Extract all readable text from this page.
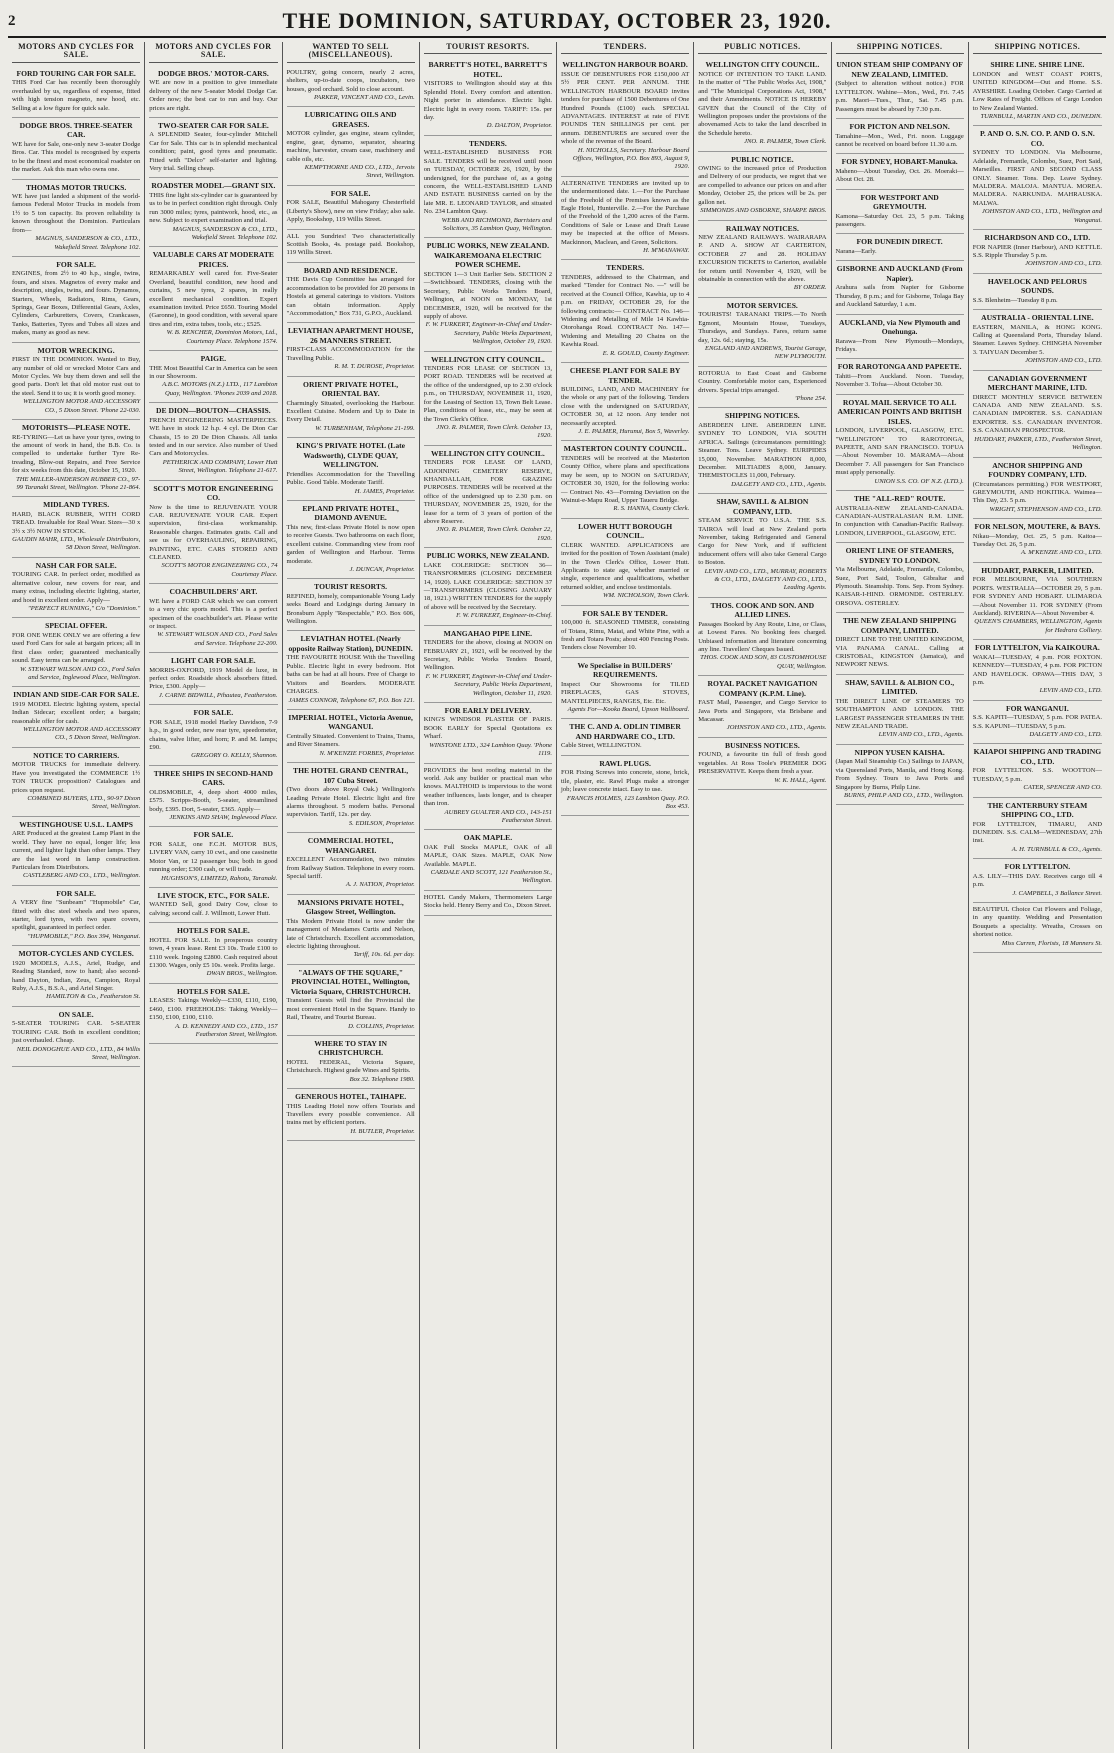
2	THE DOMINION, SATURDAY, OCTOBER 23, 1920.
MOTORS AND CYCLES FOR SALE.
FORD TOURING CAR FOR SALE.
THIS Ford Car has recently been thoroughly overhauled by us, regardless of expense, fitted with high tension magneto, new hood, etc. Selling at a low figure for quick sale.
DODGE BROS. THREE-SEATER CAR.
WE have for Sale, one-only new 3-seater Dodge Bros. Car. This model is recognised by experts to be the finest and most economical roadster on the market. Ask this man who owns one.
THOMAS MOTOR TRUCKS.
WE have just landed a shipment of the world-famous Federal Motor Trucks in models from 1½ to 5 ton capacity. Its proven reliability is known throughout the Dominion. Particulars from—
MAGNUS, SANDERSON & CO., LTD., Wakefield Street. Telephone 102.
FOR SALE.
ENGINES, from 2½ to 40 h.p., single, twins, fours, and sixes. Magnetos of every make and description, singles, twins, and fours. Dynamos, Starters, Wheels, Radiators, Rims, Gears, Springs, Gear Boxes, Differential Gears, Axles, Cylinders, Carburetters, Covers, Crankcases, Tanks, Batteries, Tyres and Tubes all sizes and makes, many as good as new.
MOTOR WRECKING.
FIRST IN THE DOMINION. Wanted to Buy, any number of old or wrecked Motor Cars and Motor Cycles. We buy them down and sell the good parts. Don't let that old motor rust out to the steel. Send it to us; it is worth good money.
WELLINGTON MOTOR AND ACCESSORY CO., 5 Dixon Street. 'Phone 22-030.
MOTORISTS—PLEASE NOTE.
RE-TYRING—Let us have your tyres, owing to the amount of work in hand, the B.B. Co. is compelled to undertake further Tyre Re-treading, Blow-out Repairs, and Free Service for six weeks from this date, October 15, 1920.
THE MILLER-ANDERSON RUBBER CO., 97-99 Taranaki Street, Wellington. 'Phone 21-864.
MIDLAND TYRES.
HARD, BLACK RUBBER, WITH CORD TREAD. Invaluable for Real Wear. Sizes—30 x 3½ x 3½ NOW IN STOCK.
GAUDIN MAHR, LTD., Wholesale Distributors, 58 Dixon Street, Wellington.
NASH CAR FOR SALE.
TOURING CAR. In perfect order, modified as alternative colour, new covers for rear, and many extras, including electric lighting, starter, and hood in excellent order. Apply—
"PERFECT RUNNING," C/o "Dominion."
SPECIAL OFFER.
FOR ONE WEEK ONLY we are offering a few used Ford Cars for sale at bargain prices; all in first class order; guaranteed mechanically sound. Easy terms can be arranged.
W. STEWART WILSON AND CO., Ford Sales and Service, Inglewood Place, Wellington.
INDIAN AND SIDE-CAR FOR SALE.
1919 MODEL Electric lighting system, special Indian Sidecar; excellent order; a bargain; reasonable offer for cash.
WELLINGTON MOTOR AND ACCESSORY CO., 5 Dixon Street, Wellington.
NOTICE TO CARRIERS.
MOTOR TRUCKS for immediate delivery. Have you investigated the COMMERCE 1½ TON TRUCK proposition? Catalogues and prices upon request.
COMBINED BUYERS, LTD., 90-97 Dixon Street, Wellington.
WESTINGHOUSE U.S.L. LAMPS
ARE Produced at the greatest Lamp Plant in the world. They have no equal, longer life; less current, and lighter light than other lamps. They are the last word in lamp construction. Particulars from Distributors.
CASTLEBERG AND CO., LTD., Wellington.
FOR SALE.
A VERY fine "Sunbeam" "Hupmobile" Car, fitted with disc steel wheels and two spares, starter, lord tyres, with two spare covers, spotlight, guaranteed in perfect order.
"HUPMOBILE," P.O. Box 394, Wanganui.
MOTOR-CYCLES AND CYCLES.
1920 MODELS, A.J.S., Ariel, Rudge, and Reading Standard, now to hand; also second-hand Dayton, Indian, Zeus, Campion, Royal Ruby, A.J.S., B.S.A., and Ariel Singer.
HAMILTON & Co., Featherston St.
ON SALE.
5-SEATER TOURING CAR. 5-SEATER TOURING CAR. Both in excellent condition; just overhauled. Cheap.
NEIL DONOGHUE AND CO., LTD., 84 Willis Street, Wellington.
MOTORS AND CYCLES FOR SALE.
DODGE BROS.' MOTOR-CARS.
WE are now in a position to give immediate delivery of the new 5-seater Model Dodge Car. Order now; the best car to run and buy. Our prices are right.
TWO-SEATER CAR FOR SALE.
A SPLENDID Seater, four-cylinder Mitchell Car for Sale. This car is in splendid mechanical condition; paint, good tyres and pneumatic. Fitted with "Delco" self-starter and lighting. Very trial. Selling cheap.
ROADSTER MODEL—GRANT SIX.
THIS fine light six-cylinder car is guaranteed by us to be in perfect condition right through. Only run 3000 miles; tyres, paintwork, hood, etc., as new. Subject to expert examination and trial.
MAGNUS, SANDERSON & CO., LTD., Wakefield Street. Telephone 102.
VALUABLE CARS AT MODERATE PRICES.
REMARKABLY well cared for. Five-Seater Overland, beautiful condition, new hood and curtains, 5 new tyres, 2 spares, in really excellent mechanical condition. Expert examination invited. Price £650. Touring Model (Garonne), in good condition, with several spare tires and rim, extra tubes, tools, etc.; £525.
W. B. RENCHER, Dominion Motors, Ltd., Courtenay Place. Telephone 1574.
PAIGE.
THE Most Beautiful Car in America can be seen in our Showroom.
A.B.C. MOTORS (N.Z.) LTD., 117 Lambton Quay, Wellington. 'Phones 2039 and 2018.
DE DION—BOUTON—CHASSIS.
FRENCH ENGINEERING MASTERPIECES. WE have in stock 12 h.p. 4 cyl. De Dion Car Chassis, 15 to 20 De Dion Chassis. All tanks tested and in our service. Also number of Used Cars and Motorcycles.
PETHERICK AND COMPANY, Lower Hutt Street, Wellington. Telephone 21-617.
SCOTT'S MOTOR ENGINEERING CO.
Now is the time to REJUVENATE YOUR CAR. REJUVENATE YOUR CAR. Expert supervision, first-class workmanship. Reasonable charges. Estimates gratis. Call and see us for OVERHAULING, REPAIRING, PAINTING, ETC. CARS STORED AND CLEANED.
SCOTT'S MOTOR ENGINEERING CO., 74 Courtenay Place.
COACHBUILDERS' ART.
WE have a FORD CAR which we can convert to a very chic sports model. This is a perfect specimen of the coachbuilder's art. Please write or inspect.
W. STEWART WILSON AND CO., Ford Sales and Service. Telephone 22-200.
LIGHT CAR FOR SALE.
MORRIS-OXFORD, 1919 Model de luxe, in perfect order. Roadside shock absorbers fitted. Price, £300. Apply—
J. CARNE BIDWILL, Pihautea, Featherston.
FOR SALE.
FOR SALE, 1918 model Harley Davidson, 7-9 h.p., in good order, new rear tyre, speedometer, chains, valve lifter, and horn; P. and M. lamps; £90.
GREGORY O. KELLY, Shannon.
THREE SHIPS IN SECOND-HAND CARS.
OLDSMOBILE, 4, deep short 4000 miles, £575. Scripps-Booth, 5-seater, streamlined body, £395. Dort, 5-seater, £365. Apply—
JENKINS AND SHAW, Inglewood Place.
FOR SALE.
FOR SALE, one F.C.H. MOTOR BUS, LIVERY VAN, carry 10 cwt., and one cassinette Motor Van, or 12 passenger bus; both in good running order; £300 cash, or will trade.
HUGHSON'S, LIMITED, Rahotu, Taranaki.
LIVE STOCK, ETC., FOR SALE.
WANTED Sell, good Dairy Cow, close to calving; second calf. J. Willmott, Lower Hutt.
HOTELS FOR SALE.
HOTEL FOR SALE. In prosperous country town, 4 years lease. Rent £3 10s. Trade £100 to £110 week. Ingoing £2800. Cash required about £1300. Wages, only £5 10s. week. Profits large.
DWAN BROS., Wellington.
HOTELS FOR SALE.
LEASES: Takings Weekly—£330, £110, £190, £460, £100. FREEHOLDS: Taking Weekly—£150, £100, £100, £110.
A. D. KENNEDY AND CO., LTD., 157 Featherston Street, Wellington.
WANTED TO SELL (MISCELLANEOUS).
POULTRY, going concern, nearly 2 acres, shelters, up-to-date coops, incubators, two houses, good orchard. Sold to close account.
PARKER, VINCENT AND CO., Levin.
LUBRICATING OILS AND GREASES.
MOTOR cylinder, gas engine, steam cylinder, engine, gear, dynamo, separator, shearing machine, harvester, cream case, machinery and cable oils, etc.
KEMPTHORNE AND CO., LTD., Jervois Street, Wellington.
FOR SALE.
FOR SALE, Beautiful Mahogany Chesterfield (Liberty's Show), new on view Friday; also sale. Apply, Bookshop, 119 Willis Street.
ALL you Sundries! Two characteristically Scottish Books, 4s. postage paid. Bookshop, 119 Willis Street.
BOARD AND RESIDENCE.
THE Davis Cup Committee has arranged for accommodation to be provided for 20 persons in Hostels at general caterings to visitors. Visitors can obtain information. Apply "Accommodation," Box 731, G.P.O., Auckland.
LEVIATHAN APARTMENT HOUSE, 26 MANNERS STREET.
FIRST-CLASS ACCOMMODATION for the Travelling Public.
R. M. T. DUROSE, Proprietor.
ORIENT PRIVATE HOTEL, ORIENTAL BAY.
Charmingly Situated, overlooking the Harbour. Excellent Cuisine. Modern and Up to Date in Every Detail.
W. TURBENHAM, Telephone 21-199.
KING'S PRIVATE HOTEL (Late Wadsworth), CLYDE QUAY, WELLINGTON.
Friendlies Accommodation for the Travelling Public. Good Table. Moderate Tariff.
H. JAMES, Proprietor.
EPLAND PRIVATE HOTEL, DIAMOND AVENUE.
This new, first-class Private Hotel is now open to receive Guests. Two bathrooms on each floor, excellent cuisine. Commanding view from roof garden of Wellington and Harbour. Terms moderate.
J. DUNCAN, Proprietor.
TOURIST RESORTS.
REFINED, homely, companionable Young Lady seeks Board and Lodgings during January in Bronsburn Apply "Respectable," P.O. Box 606, Wellington.
LEVIATHAN HOTEL (Nearly opposite Railway Station), DUNEDIN.
THE FAVOURITE HOUSE With the Travelling Public. Electric light in every bedroom. Hot baths can be had at all hours. Free of Charge to Visitors and Boarders. MODERATE CHARGES.
JAMES CONNOR, Telephone 67, P.O. Box 121.
IMPERIAL HOTEL, Victoria Avenue, WANGANUI.
Centrally Situated. Convenient to Trains, Trams, and River Steamers.
N. M'KENZIE FORBES, Proprietor.
THE HOTEL GRAND CENTRAL, 107 Cuba Street.
(Two doors above Royal Oak.) Wellington's Leading Private Hotel. Electric light and fire alarms throughout. 5 modern baths. Personal supervision. Tariff, 12s. per day.
S. EDILSON, Proprietor.
COMMERCIAL HOTEL, WHANGAREI.
EXCELLENT Accommodation, two minutes from Railway Station. Telephone in every room. Special tariff.
A. J. NATION, Proprietor.
MANSIONS PRIVATE HOTEL, Glasgow Street, Wellington.
This Modern Private Hotel is now under the management of Mesdames Curtis and Nelson, late of Christchurch. Excellent accommodation, electric lighting throughout.
Tariff, 10s. 6d. per day.
"ALWAYS OF THE SQUARE," PROVINCIAL HOTEL, Wellington, Victoria Square, CHRISTCHURCH.
Transient Guests will find the Provincial the most convenient Hotel in the Square. Handy to Rail, Theatre, and Tourist Bureau.
D. COLLINS, Proprietor.
WHERE TO STAY IN CHRISTCHURCH.
HOTEL FEDERAL, Victoria Square, Christchurch. Highest grade Wines and Spirits.
Box 32. Telephone 1980.
GENEROUS HOTEL, TAIHAPE.
THIS Leading Hotel now offers Tourists and Travellers every possible convenience. All trains met by efficient porters.
H. BUTLER, Proprietor.
TOURIST RESORTS.
BARRETT'S HOTEL, BARRETT'S HOTEL.
VISITORS to Wellington should stay at this Splendid Hotel. Every comfort and attention. Night porter in attendance. Electric light. Electric light in every room. TARIFF: 15s. per day.
D. DALTON, Proprietor.
TENDERS.
WELL-ESTABLISHED BUSINESS FOR SALE. TENDERS will be received until noon on TUESDAY, OCTOBER 26, 1920, by the undersigned, for the purchase of, as a going concern, the WELL-ESTABLISHED LAND AND ESTATE BUSINESS carried on by the late MR. E. LEONARD TAYLOR, and situated No. 234 Lambton Quay.
WEBB AND RICHMOND, Barristers and Solicitors, 35 Lambton Quay, Wellington.
PUBLIC WORKS, NEW ZEALAND. WAIKAREMOANA ELECTRIC POWER SCHEME.
SECTION 1—3 Unit Earlier Sets. SECTION 2—Switchboard. TENDERS, closing with the Secretary, Public Works Tenders Board, Wellington, at NOON on MONDAY, 1st DECEMBER, 1920, will be received for the supply of above.
F. W. FURKERT, Engineer-in-Chief and Under-Secretary, Public Works Department, Wellington, October 19, 1920.
WELLINGTON CITY COUNCIL.
TENDERS FOR LEASE OF SECTION 13, PORT ROAD. TENDERS will be received at the office of the undersigned, up to 2.30 o'clock p.m., on THURSDAY, NOVEMBER 11, 1920, for the Leasing of Section 13, Town Belt Lease. Plan, conditions of lease, etc., may be seen at the Town Clerk's Office.
JNO. R. PALMER, Town Clerk. October 13, 1920.
WELLINGTON CITY COUNCIL.
TENDERS FOR LEASE OF LAND, ADJOINING CEMETERY RESERVE, KHANDALLAH, FOR GRAZING PURPOSES. TENDERS will be received at the office of the undersigned up to 2.30 p.m. on THURSDAY, NOVEMBER 25, 1920, for the lease for a term of 3 years of portion of the above Reserve.
JNO. R. PALMER, Town Clerk. October 22, 1920.
PUBLIC WORKS, NEW ZEALAND.
LAKE COLERIDGE: SECTION 36—TRANSFORMERS (CLOSING DECEMBER 14, 1920). LAKE COLERIDGE: SECTION 37—TRANSFORMERS (CLOSING JANUARY 18, 1921.) WRITTEN TENDERS for the supply of above will be received by the Secretary.
F. W. FURKERT, Engineer-in-Chief.
MANGAHAO PIPE LINE.
TENDERS for the above, closing at NOON on FEBRUARY 21, 1921, will be received by the Secretary, Public Works Tenders Board, Wellington.
F. W. FURKERT, Engineer-in-Chief and Under-Secretary, Public Works Department, Wellington, October 11, 1920.
FOR EARLY DELIVERY.
KING'S WINDSOR PLASTER OF PARIS. BOOK EARLY for Special Quotations ex Wharf.
WINSTONE LTD., 324 Lambton Quay. 'Phone 1119.
PROVIDES the best roofing material in the world. Ask any builder or practical man who knows. MALTHOID is impervious to the worst weather influences, lasts longer, and is cheaper than iron.
AUBREY GUALTER AND CO., 143-151 Featherston Street.
OAK MAPLE.
OAK Full Stocks MAPLE, OAK of all MAPLE, OAK Sizes. MAPLE, OAK Now Available. MAPLE.
CARDALE AND SCOTT, 121 Featherston St., Wellington.
HOTEL Candy Makers, Thermometers Large Stocks held. Henry Berry and Co., Dixon Street.
TENDERS.
WELLINGTON HARBOUR BOARD.
ISSUE OF DEBENTURES FOR £150,000 AT 5½ PER CENT. PER ANNUM. THE WELLINGTON HARBOUR BOARD invites tenders for purchase of 1500 Debentures of One Hundred Pounds (£100) each. SPECIAL ADVANTAGES. INTEREST at rate of FIVE POUNDS TEN SHILLINGS per cent. per annum. DEBENTURES are secured over the whole of the revenue of the Board.
H. NICHOLLS, Secretary. Harbour Board Offices, Wellington, P.O. Box 893, August 9, 1920.
ALTERNATIVE TENDERS are invited up to the undermentioned date. 1.—For the Purchase of the Freehold of the Premises known as the Eagle Hotel, Hunterville. 2.—For the Purchase of the Freehold of the 1,200 acres of the Farm. Conditions of Sale or Lease and Draft Lease may be inspected at the office of Messrs. Mackinnon, Maclean, and Green, Solicitors.
H. M'MANAWAY.
TENDERS.
TENDERS, addressed to the Chairman, and marked "Tender for Contract No. —" will be received at the Council Office, Kawhia, up to 4 p.m. on FRIDAY, OCTOBER 29, for the following contracts:— CONTRACT No. 146—Widening and Metalling of Mile 14 Kawhia-Otorohanga Road. CONTRACT No. 147—Widening and Metalling 20 Chains on the Kawhia Road.
E. R. GOULD, County Engineer.
CHEESE PLANT FOR SALE BY TENDER.
BUILDING, LAND, AND MACHINERY for the whole or any part of the following. Tenders close with the undersigned on SATURDAY, OCTOBER 30, at 12 noon. Any tender not necessarily accepted.
J. E. PALMER, Hurunui, Box 5, Waverley.
MASTERTON COUNTY COUNCIL.
TENDERS will be received at the Masterton County Office, where plans and specifications may be seen, up to NOON on SATURDAY, OCTOBER 30, 1920, for the following works:— Contract No. 43—Forming Deviation on the Wainui-e-Mapu Road, Upper Taueru Bridge.
R. S. HANNA, County Clerk.
LOWER HUTT BOROUGH COUNCIL.
CLERK WANTED. APPLICATIONS are invited for the position of Town Assistant (male) in the Town Clerk's Office, Lower Hutt. Applicants to state age, whether married or single, experience and qualifications, whether returned soldier, and enclose testimonials.
WM. NICHOLSON, Town Clerk.
FOR SALE BY TENDER.
100,000 ft. SEASONED TIMBER, consisting of Totara, Rimu, Matai, and White Pine, with a fresh and Totara Posts; about 400 Fencing Posts. Tenders close November 10.
We Specialise in BUILDERS' REQUIREMENTS.
Inspect Our Showrooms for TILED FIREPLACES, GAS STOVES, MANTELPIECES, RANGES, Etc. Etc.
Agents For—Kooka Board, Upson Wallboard.
THE C. AND A. ODLIN TIMBER AND HARDWARE CO., LTD.
Cable Street, WELLINGTON.
RAWL PLUGS.
FOR Fixing Screws into concrete, stone, brick, tile, plaster, etc. Rawl Plugs make a stronger job; leave concrete intact. Easy to use.
FRANCIS HOLMES, 123 Lambton Quay. P.O. Box 453.
PUBLIC NOTICES.
WELLINGTON CITY COUNCIL.
NOTICE OF INTENTION TO TAKE LAND. In the matter of "The Public Works Act, 1908," and "The Municipal Corporations Act, 1908," and their Amendments. NOTICE IS HEREBY GIVEN that the Council of the City of Wellington proposes under the provisions of the abovenamed Acts to take the land described in the Schedule hereto.
JNO. R. PALMER, Town Clerk.
PUBLIC NOTICE.
OWING to the increased price of Production and Delivery of our products, we regret that we are compelled to advance our prices on and after Monday, October 25, the prices will be 2s. per gallon net.
SIMMONDS AND OSBORNE, SHARPE BROS.
RAILWAY NOTICES.
NEW ZEALAND RAILWAYS. WAIRARAPA P. AND A. SHOW AT CARTERTON, OCTOBER 27 and 28. HOLIDAY EXCURSION TICKETS to Carterton, available for return until November 4, 1920, will be obtainable in connection with the above.
BY ORDER.
MOTOR SERVICES.
TOURISTS! TARANAKI TRIPS.—To North Egmont, Mountain House, Tuesdays, Thursdays, and Sundays. Fares, return same day, 12s. 6d.; staying, 15s.
ENGLAND AND ANDREWS, Tourist Garage, NEW PLYMOUTH.
ROTORUA to East Coast and Gisborne Country. Comfortable motor cars, Experienced drivers. Special trips arranged.
'Phone 254.
SHIPPING NOTICES.
ABERDEEN LINE. ABERDEEN LINE. SYDNEY TO LONDON, VIA SOUTH AFRICA. Sailings (circumstances permitting): Steamer. Tons. Leave Sydney. EURIPIDES 15,000, November. MARATHON 8,000, December. MILTIADES 8,000, January. THEMISTOCLES 11,000, February.
DALGETY AND CO., LTD., Agents.
SHAW, SAVILL & ALBION COMPANY, LTD.
STEAM SERVICE TO U.S.A. THE S.S. TAIROA will load at New Zealand ports November, taking Refrigerated and General Cargo for New York, and if sufficient inducement offers will also take General Cargo to Boston.
LEVIN AND CO., LTD., MURRAY, ROBERTS & CO., LTD., DALGETY AND CO., LTD., Leading Agents.
THOS. COOK AND SON. AND ALLIED LINES.
Passages Booked by Any Route, Line, or Class, at Lowest Fares. No booking fees charged. Unbiased information and literature concerning any line. Travellers' Cheques Issued.
THOS. COOK AND SON, 83 CUSTOMHOUSE QUAY, Wellington.
ROYAL PACKET NAVIGATION COMPANY (K.P.M. Line).
FAST Mail, Passenger, and Cargo Service to Java Ports and Singapore, via Brisbane and Macassar.
JOHNSTON AND CO., LTD., Agents.
BUSINESS NOTICES.
FOUND, a favourite tin full of fresh good vegetables. At Ross Toole's PREMIER DOG PRESERVATIVE. Keeps them fresh a year.
W. K. HALL, Agent.
SHIPPING NOTICES.
UNION STEAM SHIP COMPANY OF NEW ZEALAND, LIMITED.
(Subject to alteration without notice.) FOR LYTTELTON. Wahine—Mon., Wed., Fri. 7.45 p.m. Maori—Tues., Thur., Sat. 7.45 p.m. Passengers must be aboard by 7.30 p.m.
FOR PICTON AND NELSON.
Tamahine—Mon., Wed., Fri. noon. Luggage cannot be received on board before 11.30 a.m.
FOR SYDNEY, HOBART-Manuka.
Maheno—About Tuesday, Oct. 26. Moeraki—About Oct. 28.
FOR WESTPORT AND GREYMOUTH.
Kamona—Saturday Oct. 23, 5 p.m. Taking passengers.
FOR DUNEDIN DIRECT.
Narana—Early.
GISBORNE AND AUCKLAND (From Napier).
Arahura sails from Napier for Gisborne Thursday, 8 p.m.; and for Gisborne, Tolaga Bay and Auckland Saturday, 1 a.m.
AUCKLAND, via New Plymouth and Onehunga.
Rarawa—From New Plymouth—Mondays, Fridays.
FOR RAROTONGA AND PAPEETE.
Tahiti—From Auckland. Noon. Tuesday, November 3. Tofua—About October 30.
ROYAL MAIL SERVICE TO ALL AMERICAN POINTS AND BRITISH ISLES.
LONDON, LIVERPOOL, GLASGOW, ETC. "WELLINGTON" TO RAROTONGA, PAPEETE, AND SAN FRANCISCO. TOFUA—About November 10. MARAMA—About December 7. All passengers for San Francisco must apply personally.
UNION S.S. CO. OF N.Z. (LTD.).
THE "ALL-RED" ROUTE.
AUSTRALIA-NEW ZEALAND-CANADA. CANADIAN-AUSTRALASIAN R.M. LINE. In conjunction with Canadian-Pacific Railway. LONDON, LIVERPOOL, GLASGOW, ETC.
ORIENT LINE OF STEAMERS, SYDNEY TO LONDON.
Via Melbourne, Adelaide, Fremantle, Colombo, Suez, Port Said, Toulon, Gibraltar and Plymouth. Steamship. Tons. Sep. From Sydney. KAISAR-I-HIND. ORMONDE. OSTERLEY. ORSOVA. OSTERLEY.
THE NEW ZEALAND SHIPPING COMPANY, LIMITED.
DIRECT LINE TO THE UNITED KINGDOM, VIA PANAMA CANAL. Calling at CRISTOBAL, KINGSTON (Jamaica), and NEWPORT NEWS.
SHAW, SAVILL & ALBION CO., LIMITED.
THE DIRECT LINE OF STEAMERS TO SOUTHAMPTON AND LONDON. THE LARGEST PASSENGER STEAMERS IN THE NEW ZEALAND TRADE.
LEVIN AND CO., LTD., Agents.
NIPPON YUSEN KAISHA.
(Japan Mail Steamship Co.) Sailings to JAPAN, via Queensland Ports, Manila, and Hong Kong. From Sydney. Tours to Java Ports and Singapore by Burns, Philp Line.
BURNS, PHILP AND CO., LTD., Wellington.
SHIPPING NOTICES.
SHIRE LINE. SHIRE LINE.
LONDON and WEST COAST PORTS, UNITED KINGDOM—Out and Home. S.S. AYRSHIRE. Loading October. Cargo Carried at Low Rates of Freight. Offices of Cargo London to New Zealand Wanted.
TURNBULL, MARTIN AND CO., DUNEDIN.
P. AND O. S.N. CO. P. AND O. S.N. CO.
SYDNEY TO LONDON. Via Melbourne, Adelaide, Fremantle, Colombo, Suez, Port Said, Marseilles. FIRST AND SECOND CLASS ONLY. Steamer. Tons. Dep. Leave Sydney. MALDERA. MALOJA. MANTUA. MOREA. MALDERA. NARKUNDA. MAHRAUSKA. MALWA.
JOHNSTON AND CO., LTD., Wellington and Wanganui.
RICHARDSON AND CO., LTD.
FOR NAPIER (Inner Harbour), AND KETTLE. S.S. Ripple Thursday 5 p.m.
JOHNSTON AND CO., LTD.
HAVELOCK AND PELORUS SOUNDS.
S.S. Blenheim—Tuesday 8 p.m.
AUSTRALIA - ORIENTAL LINE.
EASTERN, MANILA, & HONG KONG. Calling at Queensland Ports, Thursday Island. Steamer. Leaves Sydney. CHINGHA November 3. TAIYUAN December 5.
JOHNSTON AND CO., LTD.
CANADIAN GOVERNMENT MERCHANT MARINE, LTD.
DIRECT MONTHLY SERVICE BETWEEN CANADA AND NEW ZEALAND. S.S. CANADIAN IMPORTER. S.S. CANADIAN EXPORTER. S.S. CANADIAN INVENTOR. S.S. CANADIAN PROSPECTOR.
HUDDART, PARKER, LTD., Featherston Street, Wellington.
ANCHOR SHIPPING AND FOUNDRY COMPANY, LTD.
(Circumstances permitting.) FOR WESTPORT, GREYMOUTH, AND HOKITIKA. Waimea—This Day, 23. 5 p.m.
WRIGHT, STEPHENSON AND CO., LTD.
FOR NELSON, MOUTERE, & BAYS.
Nikau—Monday, Oct. 25, 5 p.m. Kaitoa—Tuesday Oct. 26, 5 p.m.
A. M'KENZIE AND CO., LTD.
HUDDART, PARKER, LIMITED.
FOR MELBOURNE, VIA SOUTHERN PORTS. WESTRALIA—OCTOBER 29, 5 p.m. FOR SYDNEY AND HOBART. ULIMAROA—About November 11. FOR SYDNEY (From Auckland). RIVERINA—About November 4.
QUEEN'S CHAMBERS, WELLINGTON, Agents for Hedrara Colliery.
FOR LYTTELTON, Via KAIKOURA.
WAKAI—TUESDAY, 4 p.m. FOR FOXTON. KENNEDY—TUESDAY, 4 p.m. FOR PICTON AND HAVELOCK. OPAWA—THIS DAY, 3 p.m.
LEVIN AND CO., LTD.
FOR WANGANUI.
S.S. KAPITI—TUESDAY, 5 p.m. FOR PATEA. S.S. KAPUNI—TUESDAY, 5 p.m.
DALGETY AND CO., LTD.
KAIAPOI SHIPPING AND TRADING CO., LTD.
FOR LYTTELTON. S.S. WOOTTON—TUESDAY, 5 p.m.
CATER, SPENCER AND CO.
THE CANTERBURY STEAM SHIPPING CO., LTD.
FOR LYTTELTON, TIMARU, AND DUNEDIN. S.S. CALM—WEDNESDAY, 27th inst.
A. H. TURNBULL & CO., Agents.
FOR LYTTELTON.
A.S. LILY—THIS DAY. Receives cargo till 4 p.m.
J. CAMPBELL, 3 Ballance Street.
BEAUTIFUL Choice Cut Flowers and Foliage, in any quantity. Wedding and Presentation Bouquets a speciality. Wreaths, Crosses on shortest notice.
Miss Curren, Florists, 18 Manners St.
